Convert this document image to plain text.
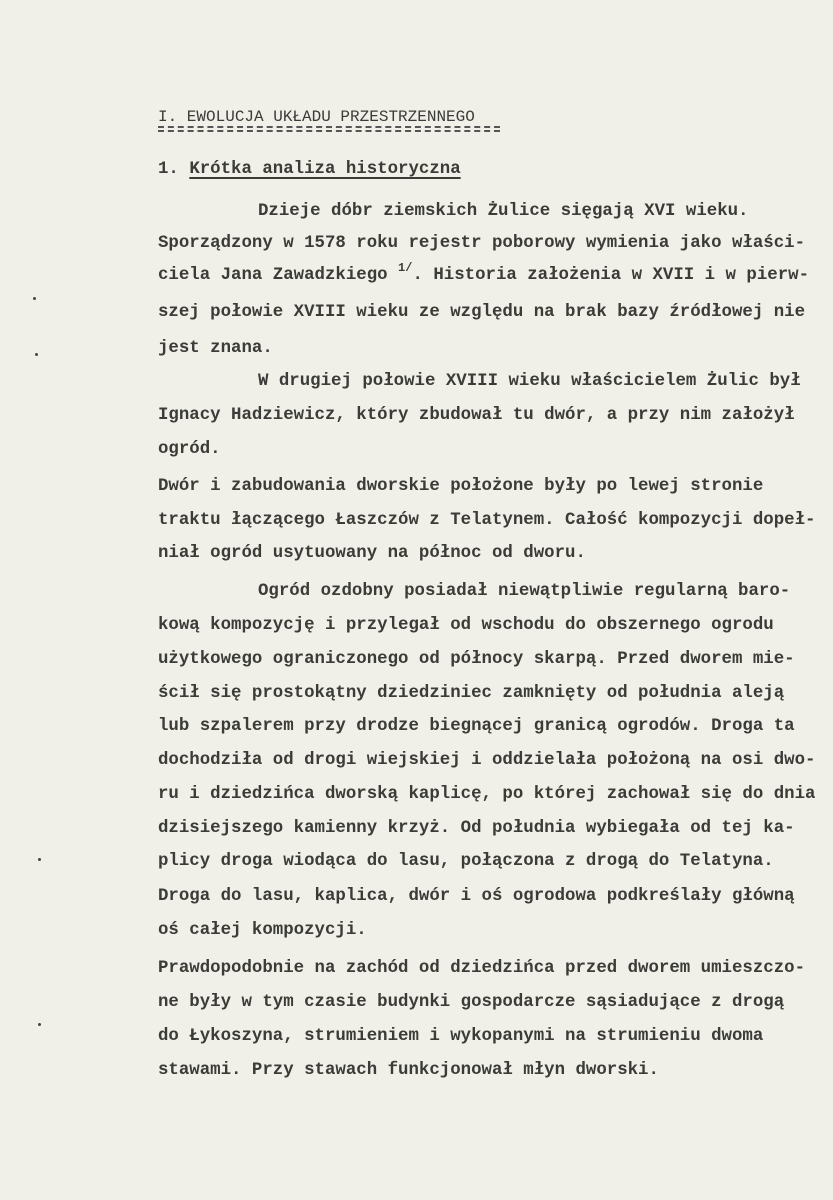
I. EWOLUCJA UKŁADU PRZESTRZENNEGO
1. Krótka analiza historyczna
Dzieje dóbr ziemskich Żulice sięgają XVI wieku.
Sporządzony w 1578 roku rejestr poborowy wymienia jako właści-
ciela Jana Zawadzkiego $^{1/}$. Historia założenia w XVII i w pierw-
szej połowie XVIII wieku ze względu na brak bazy źródłowej nie
jest znana.
W drugiej połowie XVIII wieku właścicielem Żulic był
Ignacy Hadziewicz, który zbudował tu dwór, a przy nim założył
ogród.
Dwór i zabudowania dworskie położone były po lewej stronie
traktu łączącego Łaszczów z Telatynem. Całość kompozycji dopeł-
niał ogród usytuowany na północ od dworu.
Ogród ozdobny posiadał niewątpliwie regularną baro-
kową kompozycję i przylegał od wschodu do obszernego ogrodu
użytkowego ograniczonego od północy skarpą. Przed dworem mie-
ścił się prostokątny dziedziniec zamknięty od południa aleją
lub szpalerem przy drodze biegnącej granicą ogrodów. Droga ta
dochodziła od drogi wiejskiej i oddzielała położoną na osi dwo-
ru i dziedzińca dworską kaplicę, po której zachował się do dnia
dzisiejszego kamienny krzyż. Od południa wybiegała od tej ka-
plicy droga wiodąca do lasu, połączona z drogą do Telatyna.
Droga do lasu, kaplica, dwór i oś ogrodowa podkreślały główną
oś całej kompozycji.
Prawdopodobnie na zachód od dziedzińca przed dworem umieszczo-
ne były w tym czasie budynki gospodarcze sąsiadujące z drogą
do Łykoszyna, strumieniem i wykopanymi na strumieniu dwoma
stawami. Przy stawach funkcjonował młyn dworski.
